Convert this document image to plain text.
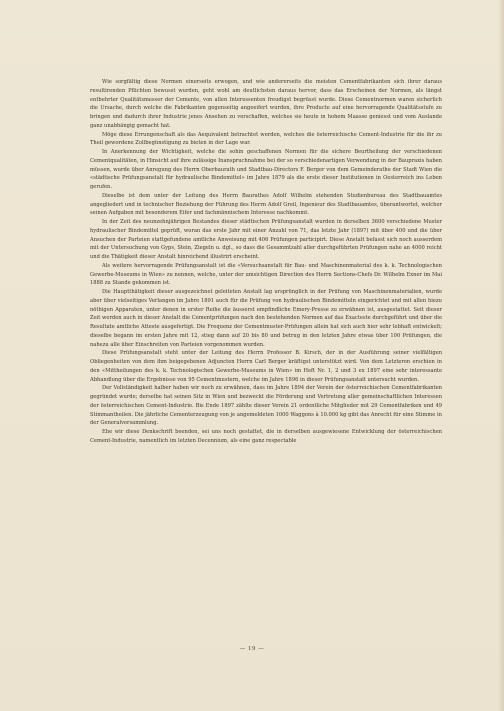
Wie sorgfältig diese Normen einerseits erwogen, und wie andererseits die meisten Cementfabrikanten sich ihrer daraus resultirenden Pflichten bewusst wurden, geht wohl am deutlichsten daraus hervor, dass das Erscheinen der Normen, als längst entbehrter Qualitätsmesser der Cemente, von allen Interessenten freudigst begrüsst wurde. Diese Cementnormen waren sicherlich die Ursache, durch welche die Fabrikanten gegenseitig angeeifert wurden, ihre Producte auf eine hervorragende Qualitätsstufe zu bringen und dadurch ihrer Industrie jenes Ansehen zu verschaffen, welches sie heute in hohem Maasse geniesst und vom Auslande ganz unabhängig gemacht hat.

Möge diese Errungenschaft als das Aequivalent betrachtet werden, welches die österreichische Cement-Industrie für die ihr zu Theil gewordene Zollbegünstigung zu bieten in der Lage war.

In Anerkennung der Wichtigkeit, welche die sohin geschaffenen Normen für die sichere Beurtheilung der verschiedenen Cementqualitäten, in Hinsicht auf ihre zulässige Inanspruchnahme bei der so verschiedenartigen Verwendung in der Baupraxis haben müssen, wurde über Anregung des Herrn Oberbaurath und Stadtbau-Directors F. Berger von dem Gemeinderathe der Stadt Wien die «städtische Prüfungsanstalt für hydraulische Bindemittel» im Jahre 1879 als die erste dieser Institutionen in Oesterreich ins Leben gerufen.

Dieselbe ist dem unter der Leitung des Herrn Baurathes Adolf Wilhelm stehenden Studienbureau des Stadtbauamtes angegliedert und in technischer Beziehung der Führung des Herrn Adolf Greil, Ingenieur des Stadtbauamtes, überantwortet, welcher seinen Aufgaben mit besonderem Eifer und fachmännischem Interesse nachkommt.

In der Zeit des neunzehnjährigen Bestandes dieser städtischen Prüfungsanstalt wurden in derselben 3600 verschiedene Muster hydraulischer Bindemittel geprüft, woran das erste Jahr mit einer Anzahl von 71, das letzte Jahr (1897) mit über 400 und die über Ansuchen der Parteien stattgefundene amtliche Anweisung mit 406 Prüfungen participirt. Diese Anstalt befasst sich noch ausserdem mit der Untersuchung von Gyps, Stein, Ziegeln u. dgl., so dass die Gesammtzahl aller durchgeführten Prüfungen nahe an 4000 reicht und die Thätigkeit dieser Anstalt hinreichend illustrirt erscheint.

Als weitere hervorragende Prüfungsanstalt ist die «Versuchsanstalt für Bau- und Maschinenmaterial des k. k. Technologischen Gewerbe-Museums in Wien» zu nennen, welche, unter der umsichtigen Direction des Herrn Sections-Chefs Dr. Wilhelm Exner im Mai 1888 zu Stande gekommen ist.

Die Hauptthätigkeit dieser ausgezeichnet geleiteten Anstalt lag ursprünglich in der Prüfung von Maschinenmaterialien, wurde aber über vielseitiges Verlangen im Jahre 1891 auch für die Prüfung von hydraulischen Bindemitteln eingerichtet und mit allen hiezu nöthigen Apparaten, unter denen in erster Reihe die äusserst empfindliche Emery-Presse zu erwähnen ist, ausgestattet. Seit dieser Zeit werden auch in dieser Anstalt die Cementprüfungen nach den bestehenden Normen auf das Exacteste durchgeführt und über die Resultate amtliche Atteste ausgefertigt. Die Frequenz der Cementmuster-Prüfungen allein hat sich auch hier sehr lebhaft entwickelt; dieselbe begann im ersten Jahre mit 12, stieg dann auf 20 bis 80 und betrug in den letzten Jahre etwas über 100 Prüfungen, die nahezu alle über Einschreiten von Parteien vorgenommen wurden.

Diese Prüfungsanstalt steht unter der Leitung des Herrn Professor B. Kirsch, der in der Ausführung seiner vielfältigen Obliegenheiten von dem ihm beigegebenen Adjuncten Herrn Carl Berger kräftigst unterstützt wird. Von dem Letzteren erschien in den «Mittheilungen des k. k. Technologischen Gewerbe-Museums in Wien» im Heft Nr. 1, 2 und 3 ex 1897 eine sehr interessante Abhandlung über die Ergebnisse von 95 Cementmustern, welche im Jahre 1896 in dieser Prüfungsanstalt untersucht wurden.

Der Vollständigkeit halber haben wir noch zu erwähnen, dass im Jahre 1894 der Verein der österreichischen Cementfabrikanten gegründet wurde; derselbe hat seinen Sitz in Wien und bezweckt die Förderung und Vertretung aller gemeinschaftlichen Interessen der österreichischen Cement-Industrie. Bis Ende 1897 zählte dieser Verein 21 ordentliche Mitglieder mit 29 Cementfabriken und 49 Stimmantheilen. Die jährliche Cementerzeugung von je angemeldeten 1000 Waggons à 10.000 kg gibt das Anrecht für eine Stimme in der Generalversammlung.

Ehe wir diese Denkschrift beenden, sei uns noch gestattet, die in derselben ausgewiesene Entwicklung der österreichischen Cement-Industrie, namentlich im letzten Decennium, als eine ganz respectable

— 19 —
